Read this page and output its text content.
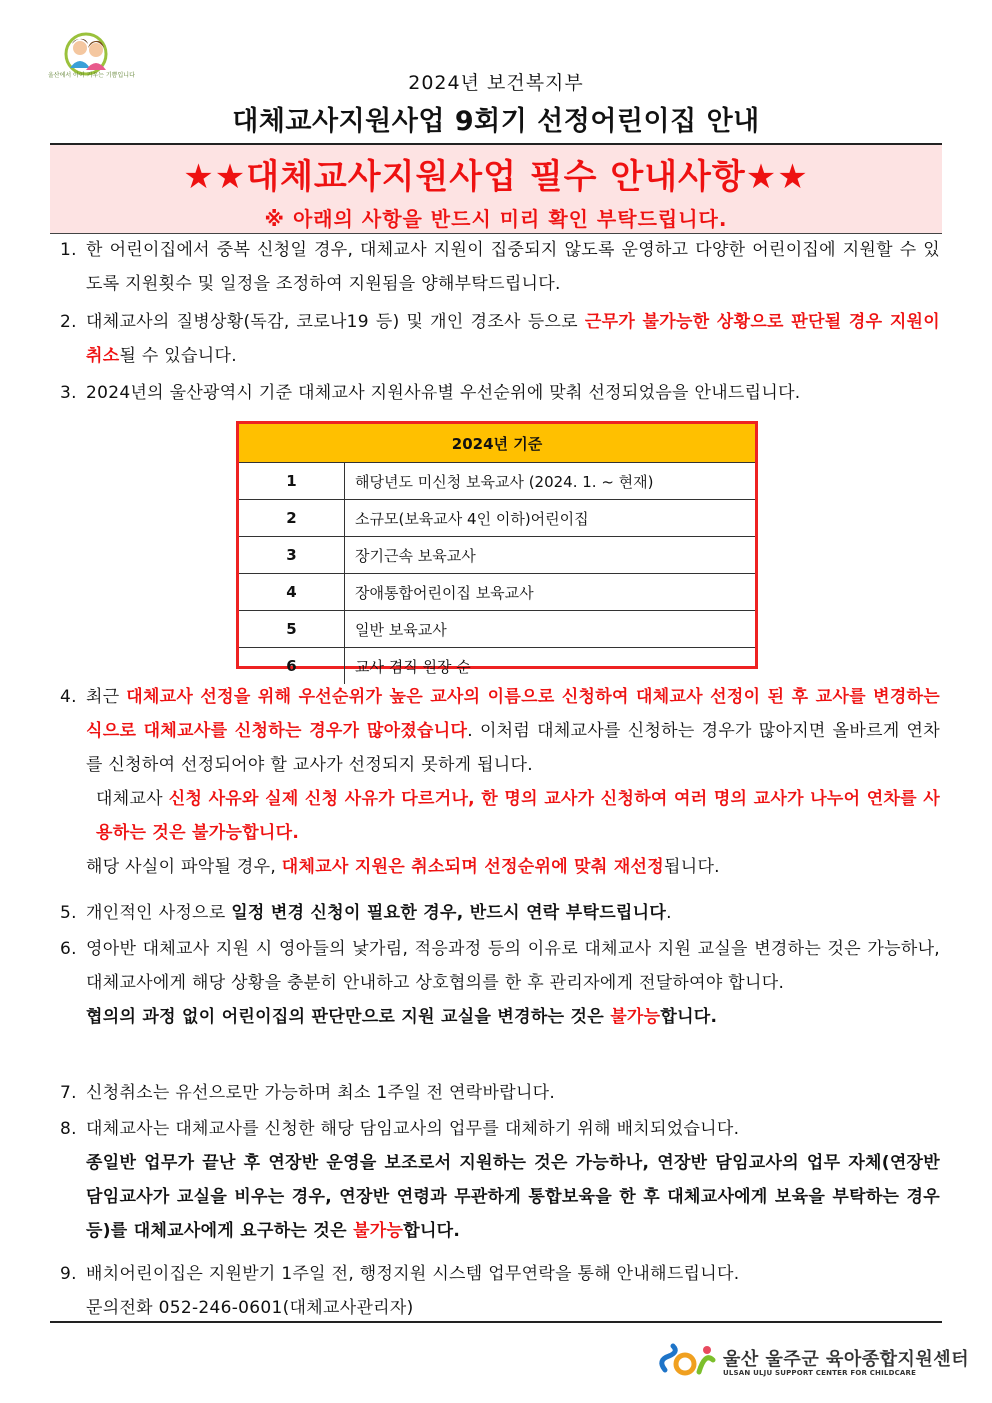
울산에서 아이 키우는 기쁨입니다	2024년 보건복지부
대체교사지원사업 9회기 선정어린이집 안내
★★대체교사지원사업 필수 안내사항★★
※ 아래의 사항을 반드시 미리 확인 부탁드립니다.
1. 한 어린이집에서 중복 신청일 경우, 대체교사 지원이 집중되지 않도록 운영하고 다양한 어린이집에 지원할 수 있도록 지원횟수 및 일정을 조정하여 지원됨을 양해부탁드립니다.
2. 대체교사의 질병상황(독감, 코로나19 등) 및 개인 경조사 등으로 근무가 불가능한 상황으로 판단될 경우 지원이 취소될 수 있습니다.
3. 2024년의 울산광역시 기준 대체교사 지원사유별 우선순위에 맞춰 선정되었음을 안내드립니다.
2024년 기준	
1	해당년도 미신청 보육교사 (2024. 1. ~ 현재)
2	소규모(보육교사 4인 이하)어린이집
3	장기근속 보육교사
4	장애통합어린이집 보육교사
5	일반 보육교사
6	교사 겸직 원장 순
4. 최근 대체교사 선정을 위해 우선순위가 높은 교사의 이름으로 신청하여 대체교사 선정이 된 후 교사를 변경하는 식으로 대체교사를 신청하는 경우가 많아졌습니다. 이처럼 대체교사를 신청하는 경우가 많아지면 올바르게 연차를 신청하여 선정되어야 할 교사가 선정되지 못하게 됩니다.
대체교사 신청 사유와 실제 신청 사유가 다르거나, 한 명의 교사가 신청하여 여러 명의 교사가 나누어 연차를 사용하는 것은 불가능합니다.
해당 사실이 파악될 경우, 대체교사 지원은 취소되며 선정순위에 맞춰 재선정됩니다.
5. 개인적인 사정으로 일정 변경 신청이 필요한 경우, 반드시 연락 부탁드립니다.
6. 영아반 대체교사 지원 시 영아들의 낯가림, 적응과정 등의 이유로 대체교사 지원 교실을 변경하는 것은 가능하나, 대체교사에게 해당 상황을 충분히 안내하고 상호협의를 한 후 관리자에게 전달하여야 합니다.
협의의 과정 없이 어린이집의 판단만으로 지원 교실을 변경하는 것은 불가능합니다.
7. 신청취소는 유선으로만 가능하며 최소 1주일 전 연락바랍니다.
8. 대체교사는 대체교사를 신청한 해당 담임교사의 업무를 대체하기 위해 배치되었습니다.
종일반 업무가 끝난 후 연장반 운영을 보조로서 지원하는 것은 가능하나, 연장반 담임교사의 업무 자체(연장반 담임교사가 교실을 비우는 경우, 연장반 연령과 무관하게 통합보육을 한 후 대체교사에게 보육을 부탁하는 경우 등)를 대체교사에게 요구하는 것은 불가능합니다.
9. 배치어린이집은 지원받기 1주일 전, 행정지원 시스템 업무연락을 통해 안내해드립니다.
문의전화 052-246-0601(대체교사관리자)
울산 울주군 육아종합지원센터
ULSAN ULJU SUPPORT CENTER FOR CHILDCARE
